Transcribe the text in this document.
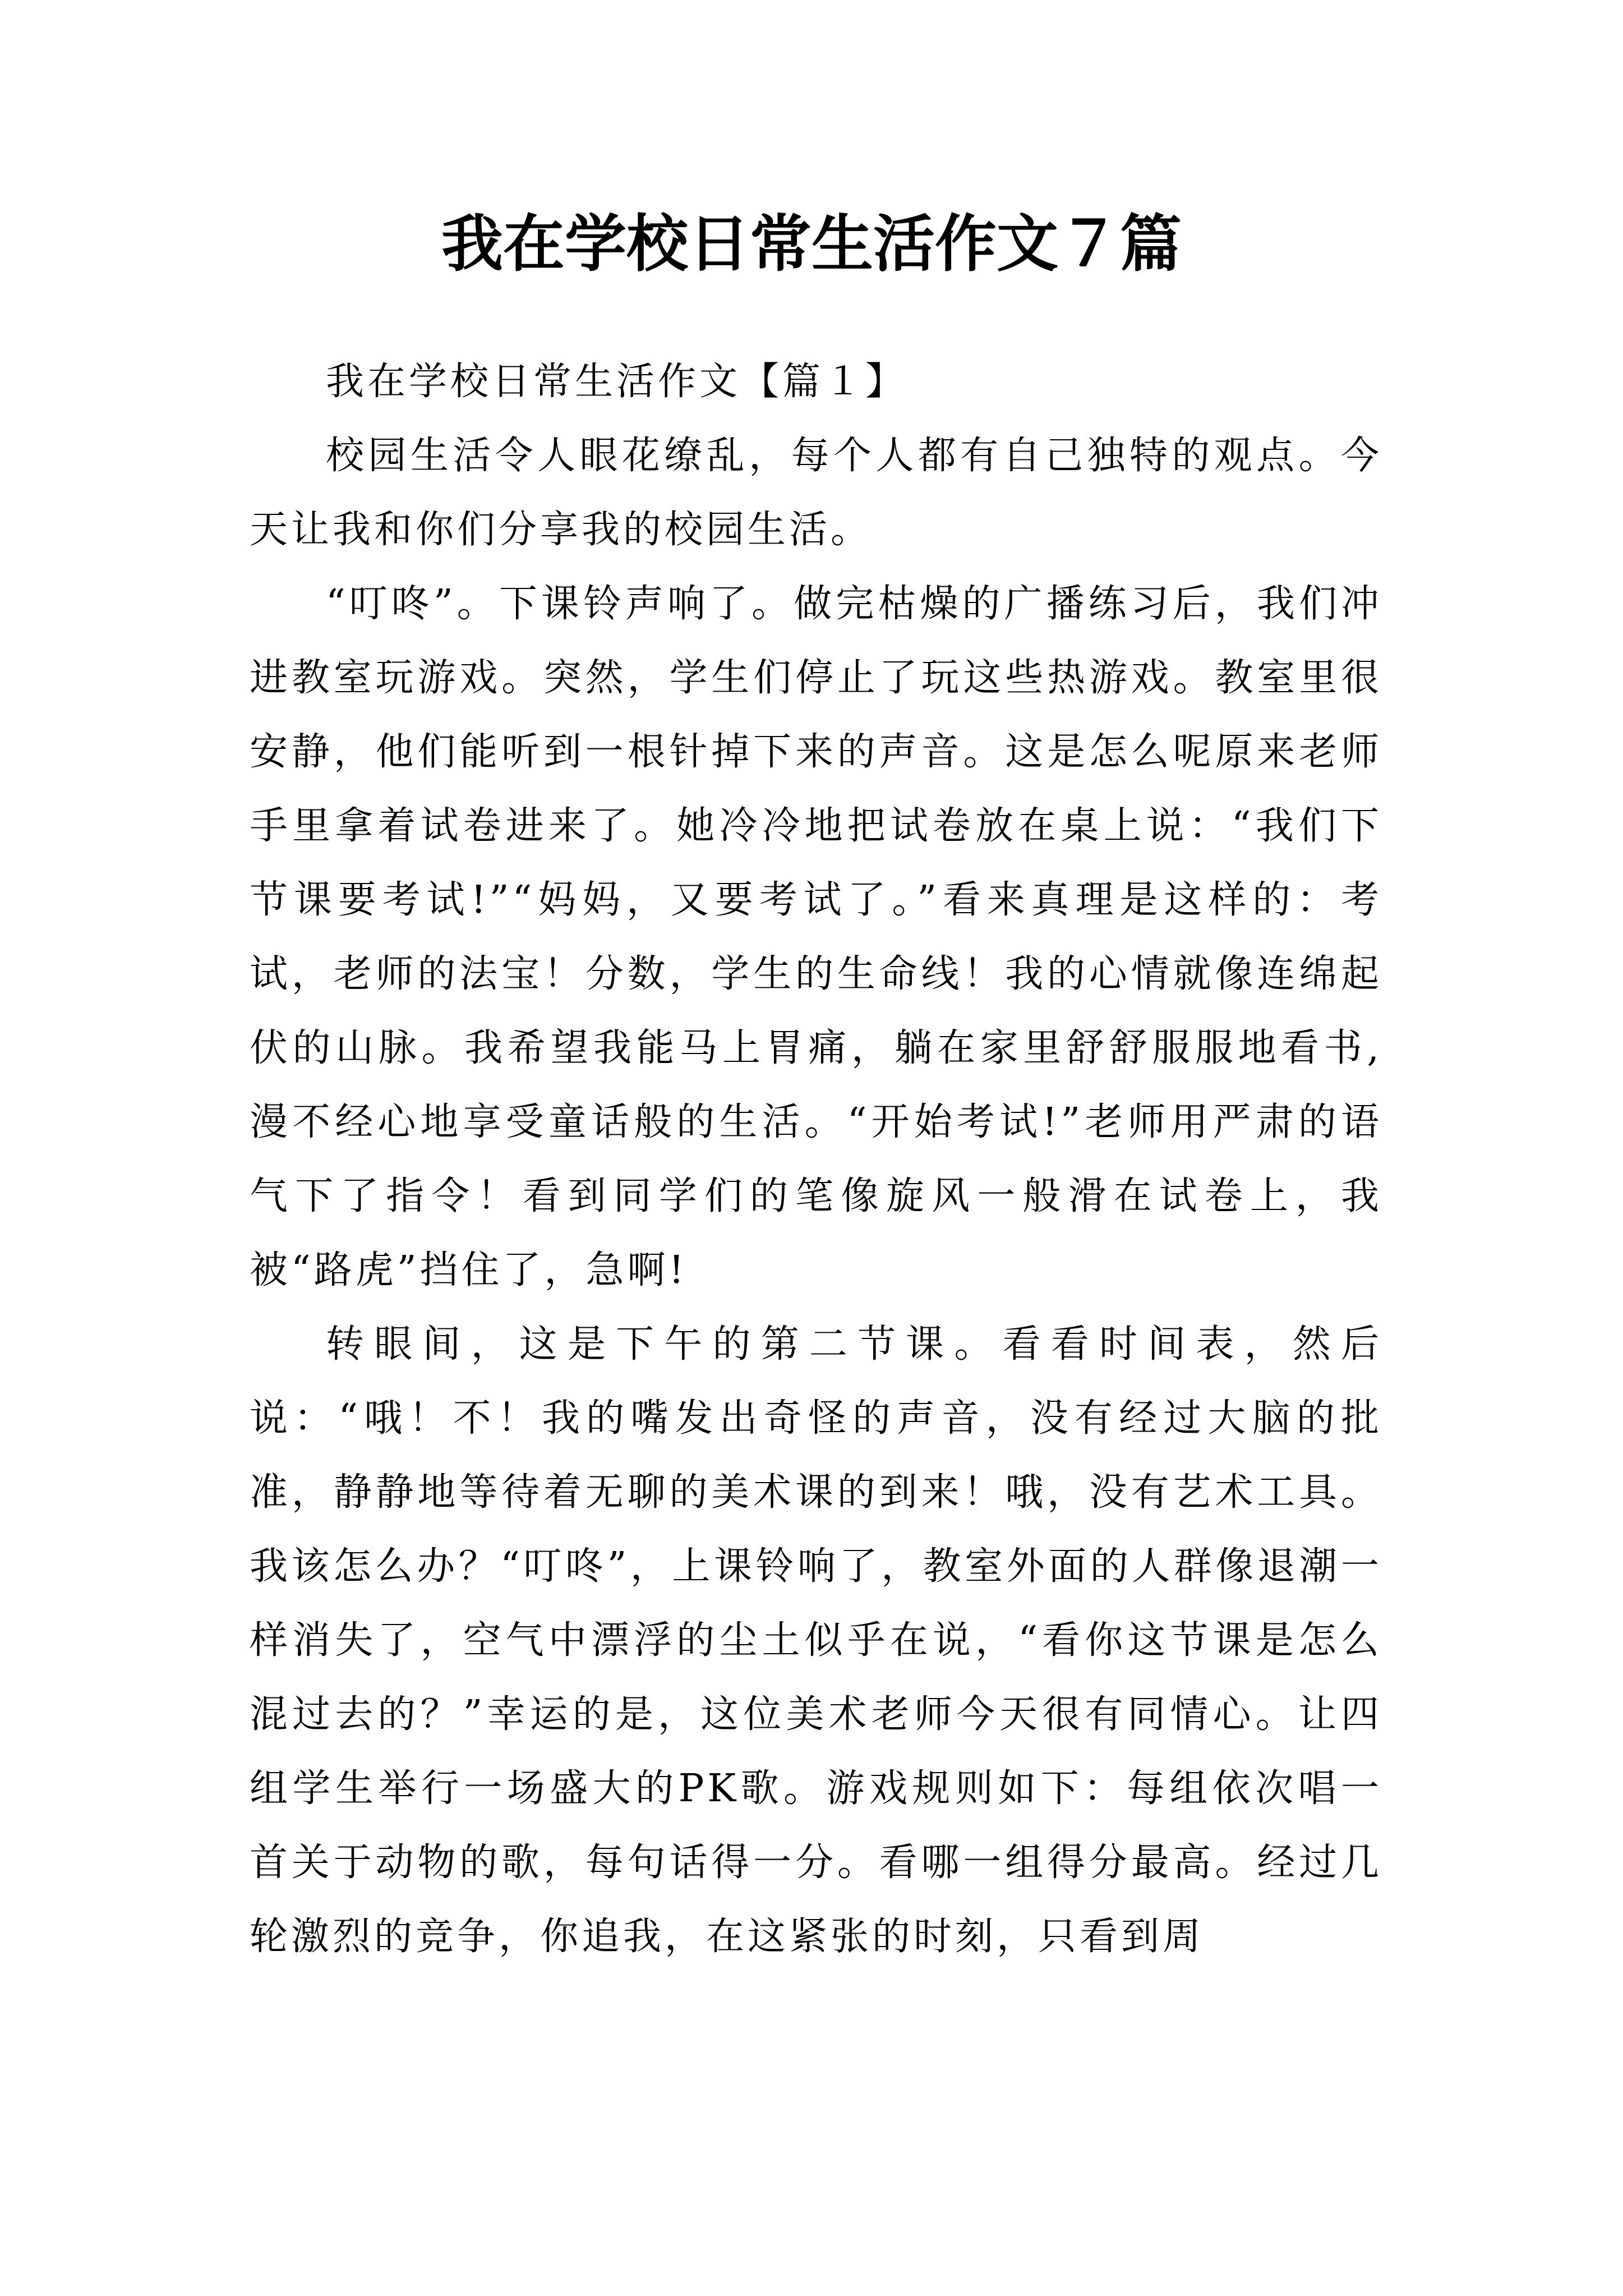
我在学校日常生活作文７篇

我在学校日常生活作文【篇１】

校园生活令人眼花缭乱，每个人都有自己独特的观点。今天让我和你们分享我的校园生活。

“叮咚”。下课铃声响了。做完枯燥的广播练习后，我们冲进教室玩游戏。突然，学生们停止了玩这些热游戏。教室里很安静，他们能听到一根针掉下来的声音。这是怎么呢原来老师手里拿着试卷进来了。她冷冷地把试卷放在桌上说：“我们下节课要考试!”“妈妈，又要考试了。”看来真理是这样的：考试，老师的法宝！分数，学生的生命线！我的心情就像连绵起伏的山脉。我希望我能马上胃痛，躺在家里舒舒服服地看书,漫不经心地享受童话般的生活。“开始考试!”老师用严肃的语气下了指令！看到同学们的笔像旋风一般滑在试卷上，我被“路虎”挡住了，急啊!

转眼间，这是下午的第二节课。看看时间表，然后说：“哦！不！我的嘴发出奇怪的声音，没有经过大脑的批准，静静地等待着无聊的美术课的到来！哦，没有艺术工具。我该怎么办？“叮咚”，上课铃响了，教室外面的人群像退潮一样消失了，空气中漂浮的尘土似乎在说，“看你这节课是怎么混过去的？”幸运的是，这位美术老师今天很有同情心。让四组学生举行一场盛大的PK歌。游戏规则如下：每组依次唱一首关于动物的歌，每句话得一分。看哪一组得分最高。经过几轮激烈的竞争，你追我，在这紧张的时刻，只看到周
